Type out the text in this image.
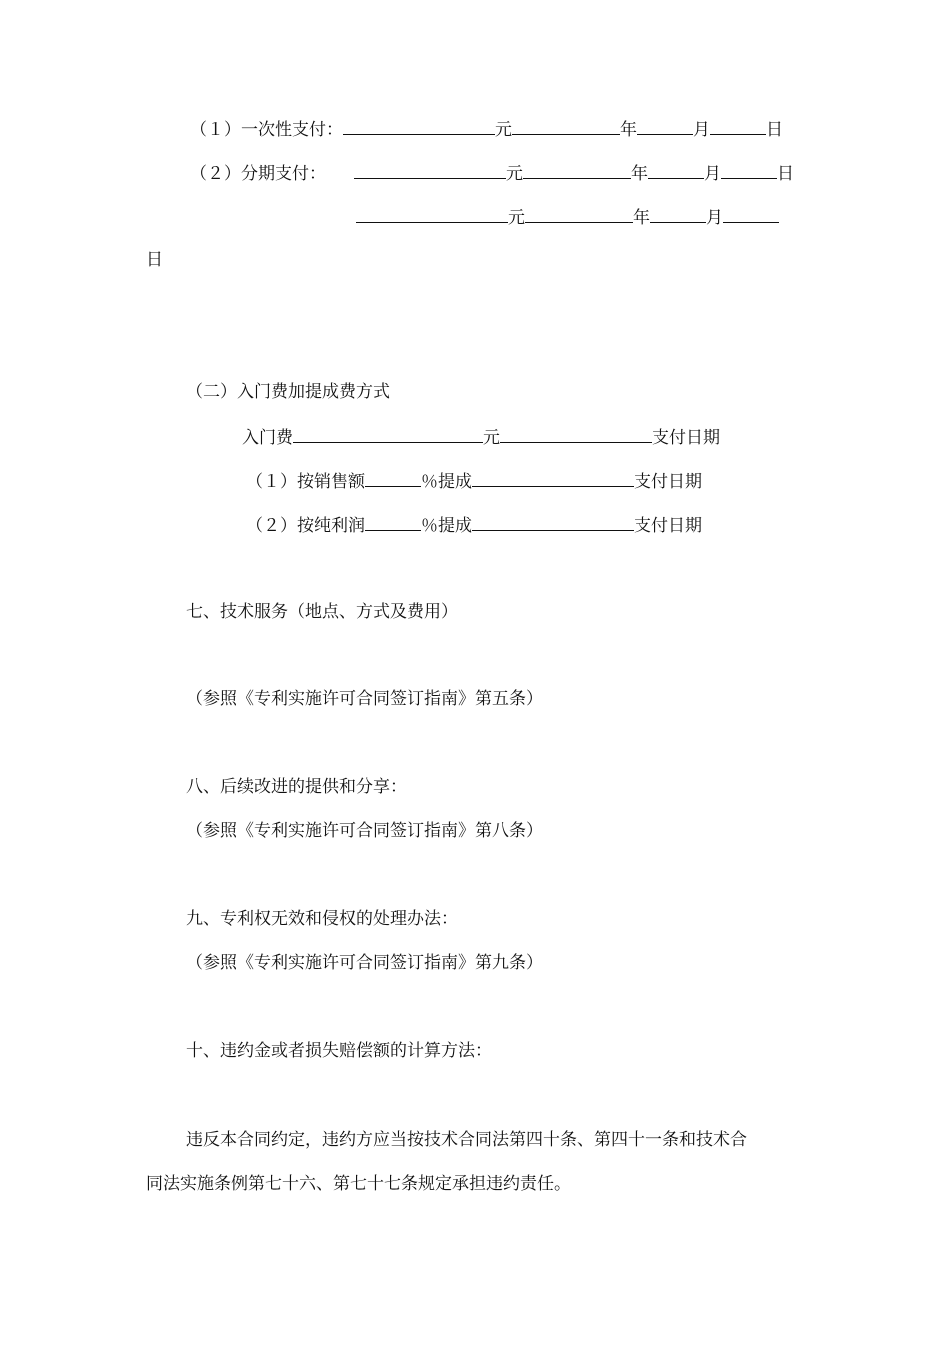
（１）一次性支付：	元	年	月	日
（２）分期支付：	元	年	月	日
元	年	月
日
（二）入门费加提成费方式
入门费	元	支付日期
（１）按销售额	％提成	支付日期
（２）按纯利润	％提成	支付日期
七、技术服务（地点、方式及费用）
（参照《专利实施许可合同签订指南》第五条）
八、后续改进的提供和分享：
（参照《专利实施许可合同签订指南》第八条）
九、专利权无效和侵权的处理办法：
（参照《专利实施许可合同签订指南》第九条）
十、违约金或者损失赔偿额的计算方法：
违反本合同约定，违约方应当按技术合同法第四十条、第四十一条和技术合
同法实施条例第七十六、第七十七条规定承担违约责任。
